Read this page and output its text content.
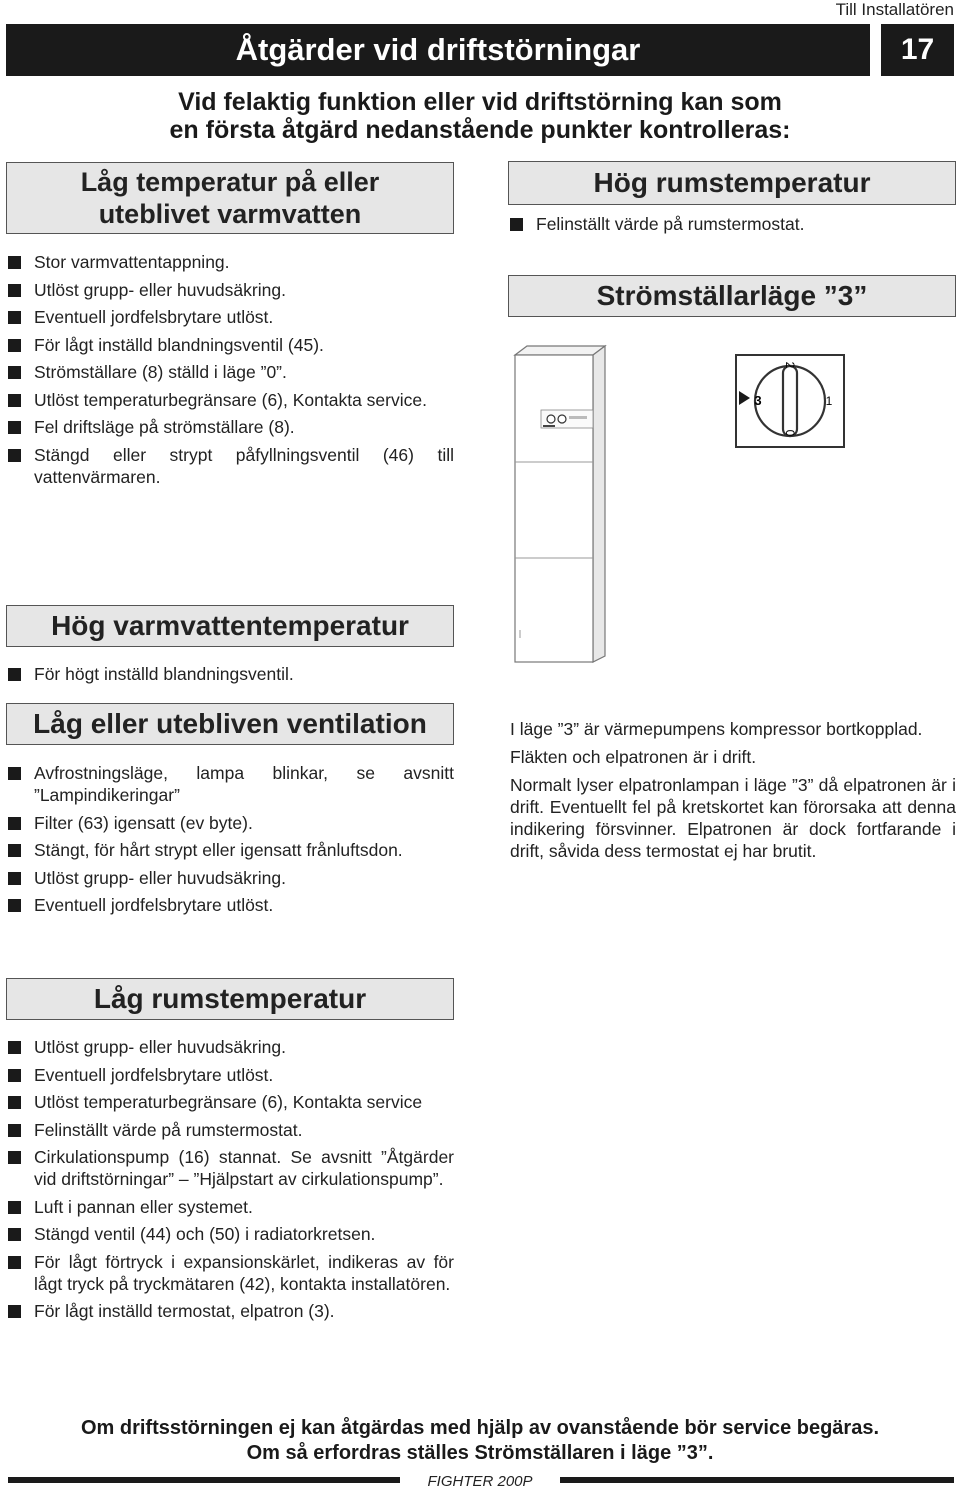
Till Installatören
Åtgärder vid driftstörningar	17
Vid felaktig funktion eller vid driftstörning kan som
en första åtgärd nedanstående punkter kontrolleras:
Låg temperatur på eller
uteblivet varmvatten
Stor varmvattentappning.
Utlöst grupp- eller huvudsäkring.
Eventuell jordfelsbrytare utlöst.
För lågt inställd blandningsventil (45).
Strömställare (8) ställd i läge ”0”.
Utlöst temperaturbegränsare (6), Kontakta service.
Fel driftsläge på strömställare (8).
Stängd eller strypt påfyllningsventil (46) till vattenvärmaren.
Hög rumstemperatur
Felinställt värde på rumstermostat.
Strömställarläge ”3”
2
1
0
3

I läge ”3” är värmepumpens kompressor bortkopplad.

Fläkten och elpatronen är i drift.

Normalt lyser elpatronlampan i läge ”3” då elpatronen är i drift. Eventuellt fel på kretskortet kan förorsaka att denna indikering försvinner. Elpatronen är dock fortfarande i drift, såvida dess termostat ej har brutit.

Hög varmvattentemperatur
För högt inställd blandningsventil.
Låg eller utebliven ventilation
Avfrostningsläge, lampa blinkar, se avsnitt ”Lampindikeringar”
Filter (63) igensatt (ev byte).
Stängt, för hårt strypt eller igensatt frånluftsdon.
Utlöst grupp- eller huvudsäkring.
Eventuell jordfelsbrytare utlöst.
Låg rumstemperatur
Utlöst grupp- eller huvudsäkring.
Eventuell jordfelsbrytare utlöst.
Utlöst temperaturbegränsare (6), Kontakta service
Felinställt värde på rumstermostat.
Cirkulationspump (16) stannat. Se avsnitt ”Åtgärder vid driftstörningar” – ”Hjälpstart av cirkulationspump”.
Luft i pannan eller systemet.
Stängd ventil (44) och (50) i radiatorkretsen.
För lågt förtryck i expansionskärlet, indikeras av för lågt tryck på tryckmätaren (42), kontakta installatören.
För lågt inställd termostat, elpatron (3).
Om driftsstörningen ej kan åtgärdas med hjälp av ovanstående bör service begäras.
Om så erfordras ställes Strömställaren i läge ”3”.
FIGHTER 200P
